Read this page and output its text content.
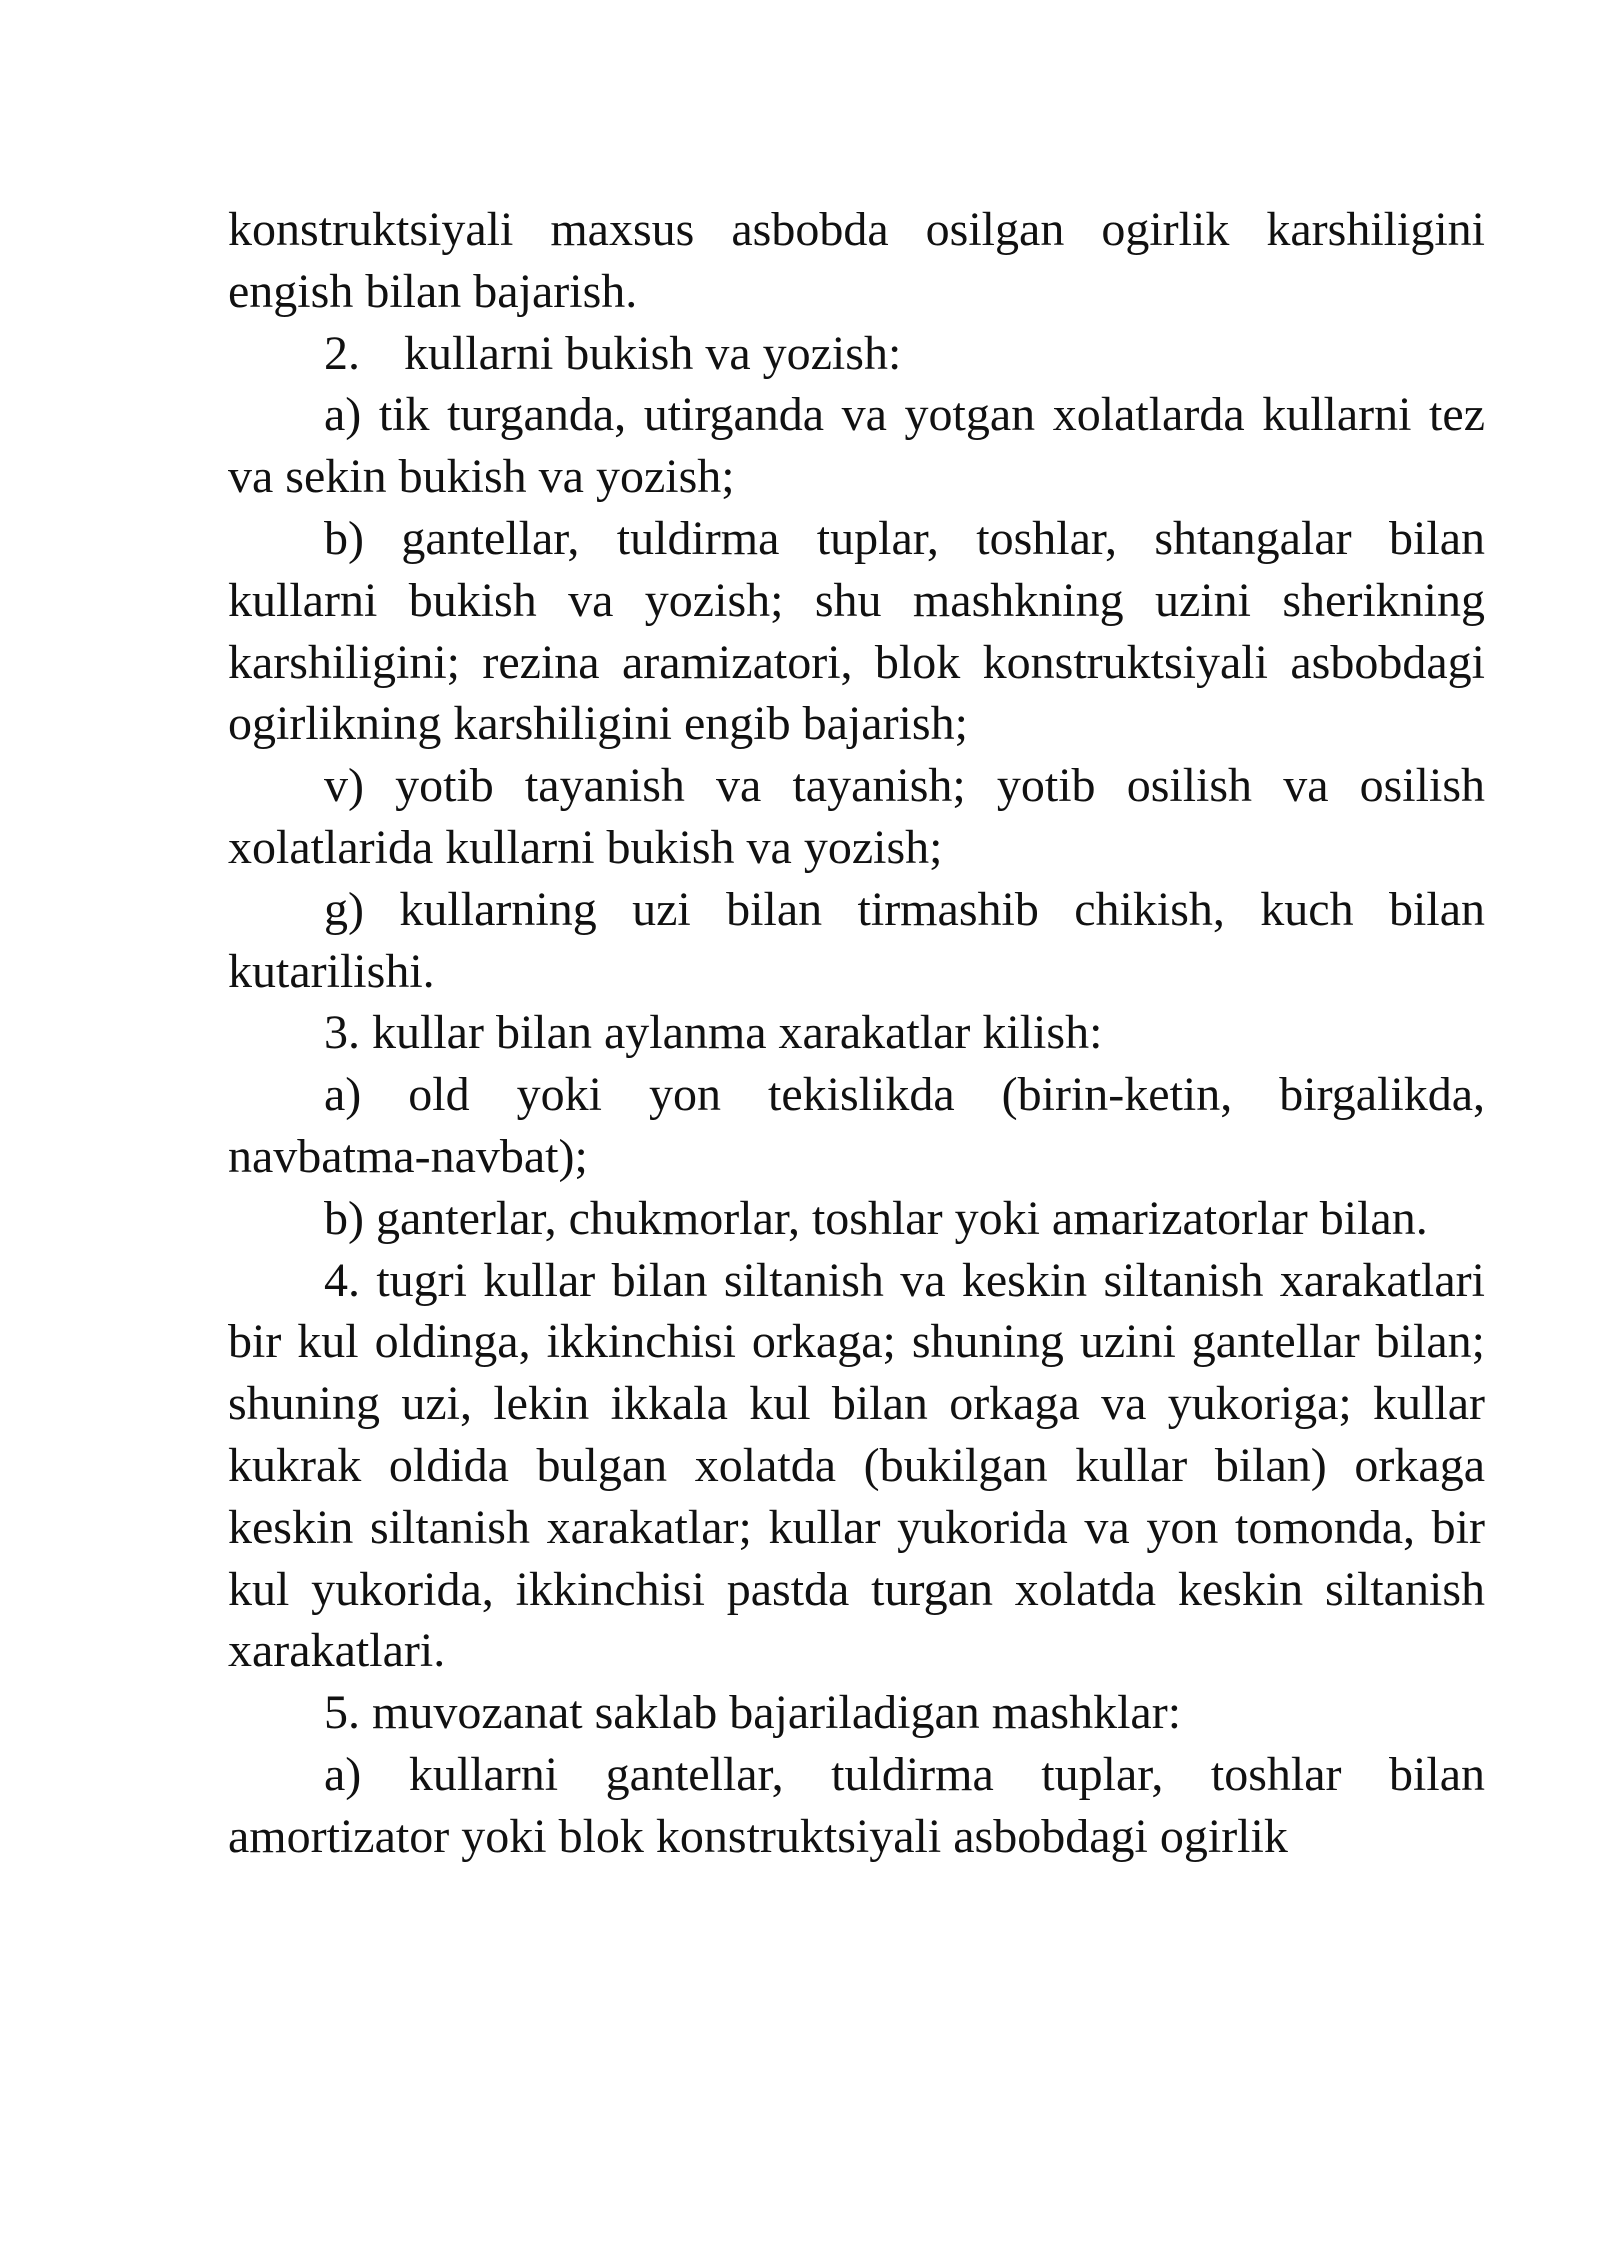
konstruktsiyali maxsus asbobda osilgan ogirlik karshiligini engish bilan bajarish.

2. kullarni bukish va yozish:

a) tik turganda, utirganda va yotgan xolatlarda kullarni tez va sekin bukish va yozish;

b) gantellar, tuldirma tuplar, toshlar, shtangalar bilan kullarni bukish va yozish; shu mashkning uzini sherikning karshiligini; rezina aramizatori, blok konstruktsiyali asbobdagi ogirlikning karshiligini engib bajarish;

v) yotib tayanish va tayanish; yotib osilish va osilish xolatlarida kullarni bukish va yozish;

g) kullarning uzi bilan tirmashib chikish, kuch bilan kutarilishi.

3. kullar bilan aylanma xarakatlar kilish:

a) old yoki yon tekislikda (birin-ketin, birgalikda, navbatma-navbat);

b) ganterlar, chukmorlar, toshlar yoki amarizatorlar bilan.

4. tugri kullar bilan siltanish va keskin siltanish xarakatlari bir kul oldinga, ikkinchisi orkaga; shuning uzini gantellar bilan; shuning uzi, lekin ikkala kul bilan orkaga va yukoriga; kullar kukrak oldida bulgan xolatda (bukilgan kullar bilan) orkaga keskin siltanish xarakatlar; kullar yukorida va yon tomonda, bir kul yukorida, ikkinchisi pastda turgan xolatda keskin siltanish xarakatlari.

5. muvozanat saklab bajariladigan mashklar:

a) kullarni gantellar, tuldirma tuplar, toshlar bilan amortizator yoki blok konstruktsiyali asbobdagi ogirlik
